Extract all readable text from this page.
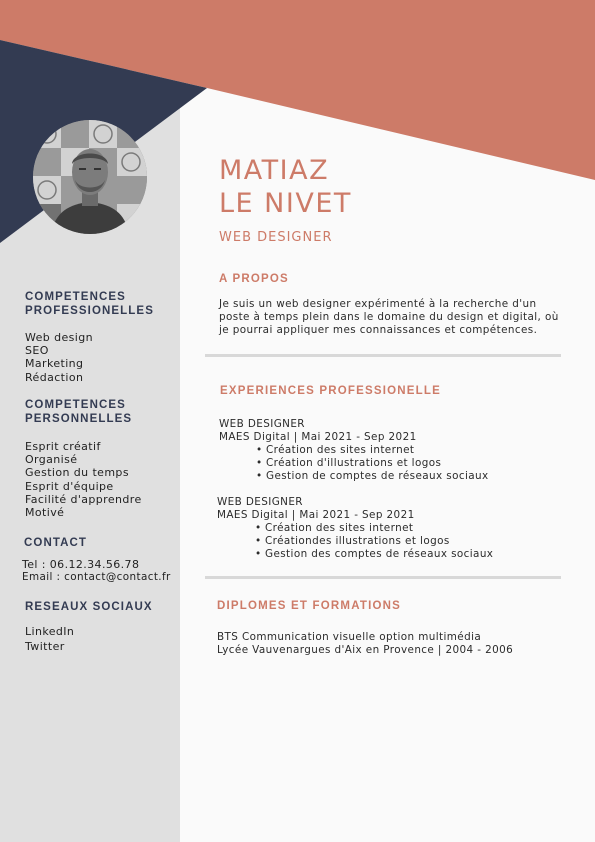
MATIAZ
LE NIVET
WEB DESIGNER
COMPETENCES
PROFESSIONELLES
Web design
SEO
Marketing
Rédaction
COMPETENCES
PERSONNELLES
Esprit créatif
Organisé
Gestion du temps
Esprit d'équipe
Facilité d'apprendre
Motivé
CONTACT
Tel : 06.12.34.56.78
Email : contact@contact.fr
RESEAUX SOCIAUX
LinkedIn
Twitter
A PROPOS
Je suis un web designer expérimenté à la recherche d'un
poste à temps plein dans le domaine du design et digital, où
je pourrai appliquer mes connaissances et compétences.
EXPERIENCES PROFESSIONELLE
WEB DESIGNER
MAES Digital | Mai 2021 - Sep 2021
• Création des sites internet
• Création d'illustrations et logos
• Gestion de comptes de réseaux sociaux
WEB DESIGNER
MAES Digital | Mai 2021 - Sep 2021
• Création des sites internet
• Créationdes illustrations et logos
• Gestion des comptes de réseaux sociaux
DIPLOMES ET FORMATIONS
BTS Communication visuelle option multimédia
Lycée Vauvenargues d'Aix en Provence | 2004 - 2006
